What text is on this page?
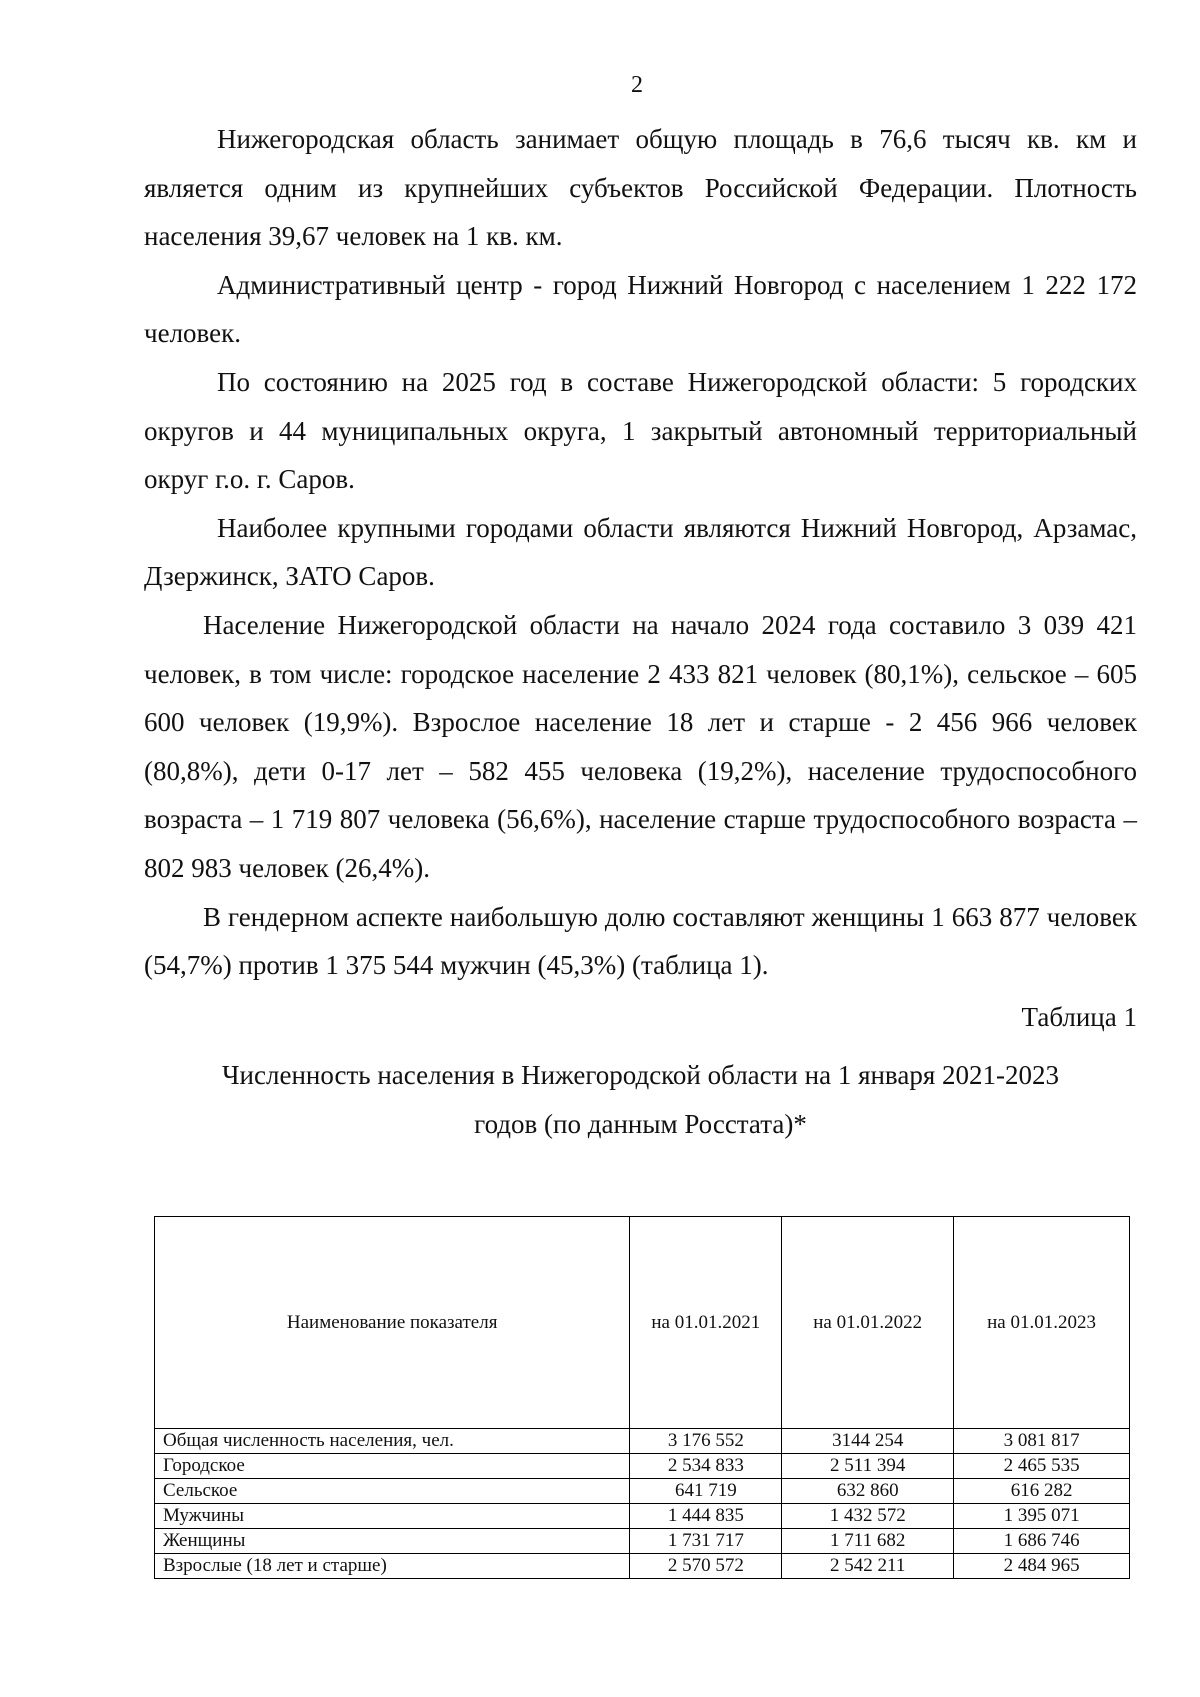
2

Нижегородская область занимает общую площадь в 76,6 тысяч кв. км и является одним из крупнейших субъектов Российской Федерации. Плотность населения 39,67 человек на 1 кв. км.

Административный центр - город Нижний Новгород с населением 1 222 172 человек.

По состоянию на 2025 год в составе Нижегородской области: 5 городских округов и 44 муниципальных округа, 1 закрытый автономный территориальный округ г.о. г. Саров.

Наиболее крупными городами области являются Нижний Новгород, Арзамас, Дзержинск, ЗАТО Саров.

Население Нижегородской области на начало 2024 года составило 3 039 421 человек, в том числе: городское население 2 433 821 человек (80,1%), сельское – 605 600 человек (19,9%). Взрослое население 18 лет и старше - 2 456 966 человек (80,8%), дети 0-17 лет – 582 455 человека (19,2%), население трудоспособного возраста – 1 719 807 человека (56,6%), население старше трудоспособного возраста – 802 983 человек (26,4%).

В гендерном аспекте наибольшую долю составляют женщины 1 663 877 человек (54,7%) против 1 375 544 мужчин (45,3%) (таблица 1).

Таблица 1
Численность населения в Нижегородской области на 1 января 2021-2023
годов (по данным Росстата)*
Наименование показателя	на 01.01.2021	на 01.01.2022	на 01.01.2023
Общая численность населения, чел.	3 176 552	3144 254	3 081 817
Городское	2 534 833	2 511 394	2 465 535
Сельское	641 719	632 860	616 282
Мужчины	1 444 835	1 432 572	1 395 071
Женщины	1 731 717	1 711 682	1 686 746
Взрослые (18 лет и старше)	2 570 572	2 542 211	2 484 965
